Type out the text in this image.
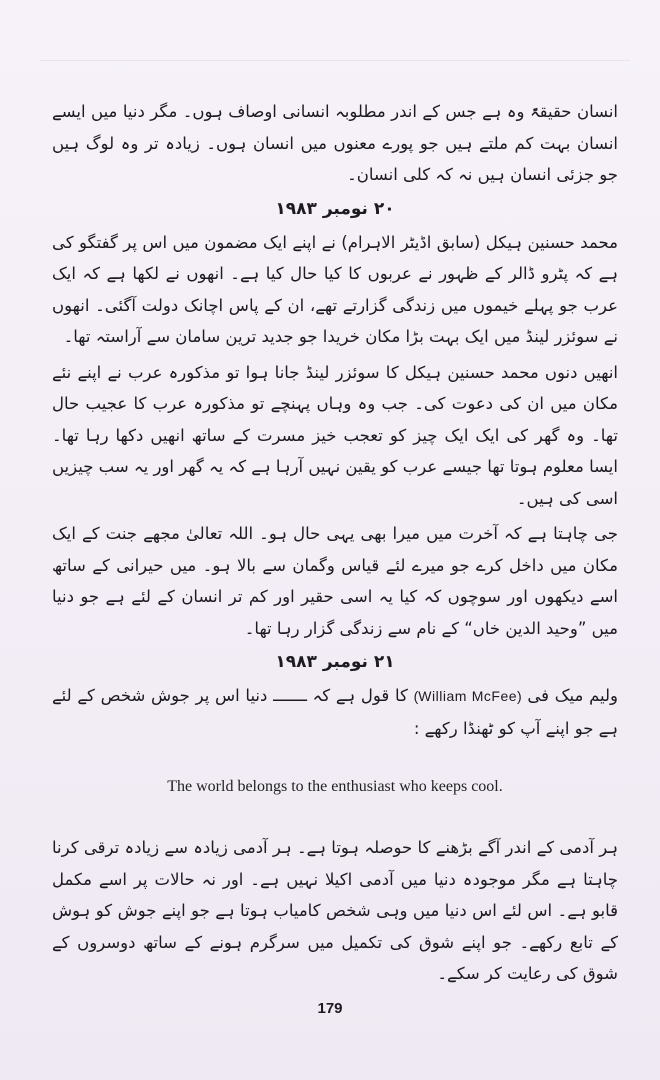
انسان حقیقۃً وہ ہے جس کے اندر مطلوبہ انسانی اوصاف ہوں۔ مگر دنیا میں ایسے انسان بہت کم ملتے ہیں جو پورے معنوں میں انسان ہوں۔ زیادہ تر وہ لوگ ہیں جو جزئی انسان ہیں نہ کہ کلی انسان۔

۲۰ نومبر ۱۹۸۳

محمد حسنین ہیکل (سابق اڈیٹر الاہرام) نے اپنے ایک مضمون میں اس پر گفتگو کی ہے کہ پٹرو ڈالر کے ظہور نے عربوں کا کیا حال کیا ہے۔ انھوں نے لکھا ہے کہ ایک عرب جو پہلے خیموں میں زندگی گزارتے تھے، ان کے پاس اچانک دولت آگئی۔ انھوں نے سوئزر لینڈ میں ایک بہت بڑا مکان خریدا جو جدید ترین سامان سے آراستہ تھا۔

انھیں دنوں محمد حسنین ہیکل کا سوئزر لینڈ جانا ہوا تو مذکورہ عرب نے اپنے نئے مکان میں ان کی دعوت کی۔ جب وہ وہاں پہنچے تو مذکورہ عرب کا عجیب حال تھا۔ وہ گھر کی ایک ایک چیز کو تعجب خیز مسرت کے ساتھ انھیں دکھا رہا تھا۔ ایسا معلوم ہوتا تھا جیسے عرب کو یقین نہیں آرہا ہے کہ یہ گھر اور یہ سب چیزیں اسی کی ہیں۔

جی چاہتا ہے کہ آخرت میں میرا بھی یہی حال ہو۔ اللہ تعالیٰ مجھے جنت کے ایک مکان میں داخل کرے جو میرے لئے قیاس وگمان سے بالا ہو۔ میں حیرانی کے ساتھ اسے دیکھوں اور سوچوں کہ کیا یہ اسی حقیر اور کم تر انسان کے لئے ہے جو دنیا میں ”وحید الدین خاں“ کے نام سے زندگی گزار رہا تھا۔

۲۱ نومبر ۱۹۸۳

ولیم میک فی (William McFee) کا قول ہے کہ ـــــــ دنیا اس پر جوش شخص کے لئے ہے جو اپنے آپ کو ٹھنڈا رکھے :

The world belongs to the enthusiast who keeps cool.

ہر آدمی کے اندر آگے بڑھنے کا حوصلہ ہوتا ہے۔ ہر آدمی زیادہ سے زیادہ ترقی کرنا چاہتا ہے مگر موجودہ دنیا میں آدمی اکیلا نہیں ہے۔ اور نہ حالات پر اسے مکمل قابو ہے۔ اس لئے اس دنیا میں وہی شخص کامیاب ہوتا ہے جو اپنے جوش کو ہوش کے تابع رکھے۔ جو اپنے شوق کی تکمیل میں سرگرم ہونے کے ساتھ دوسروں کے شوق کی رعایت کر سکے۔

179
